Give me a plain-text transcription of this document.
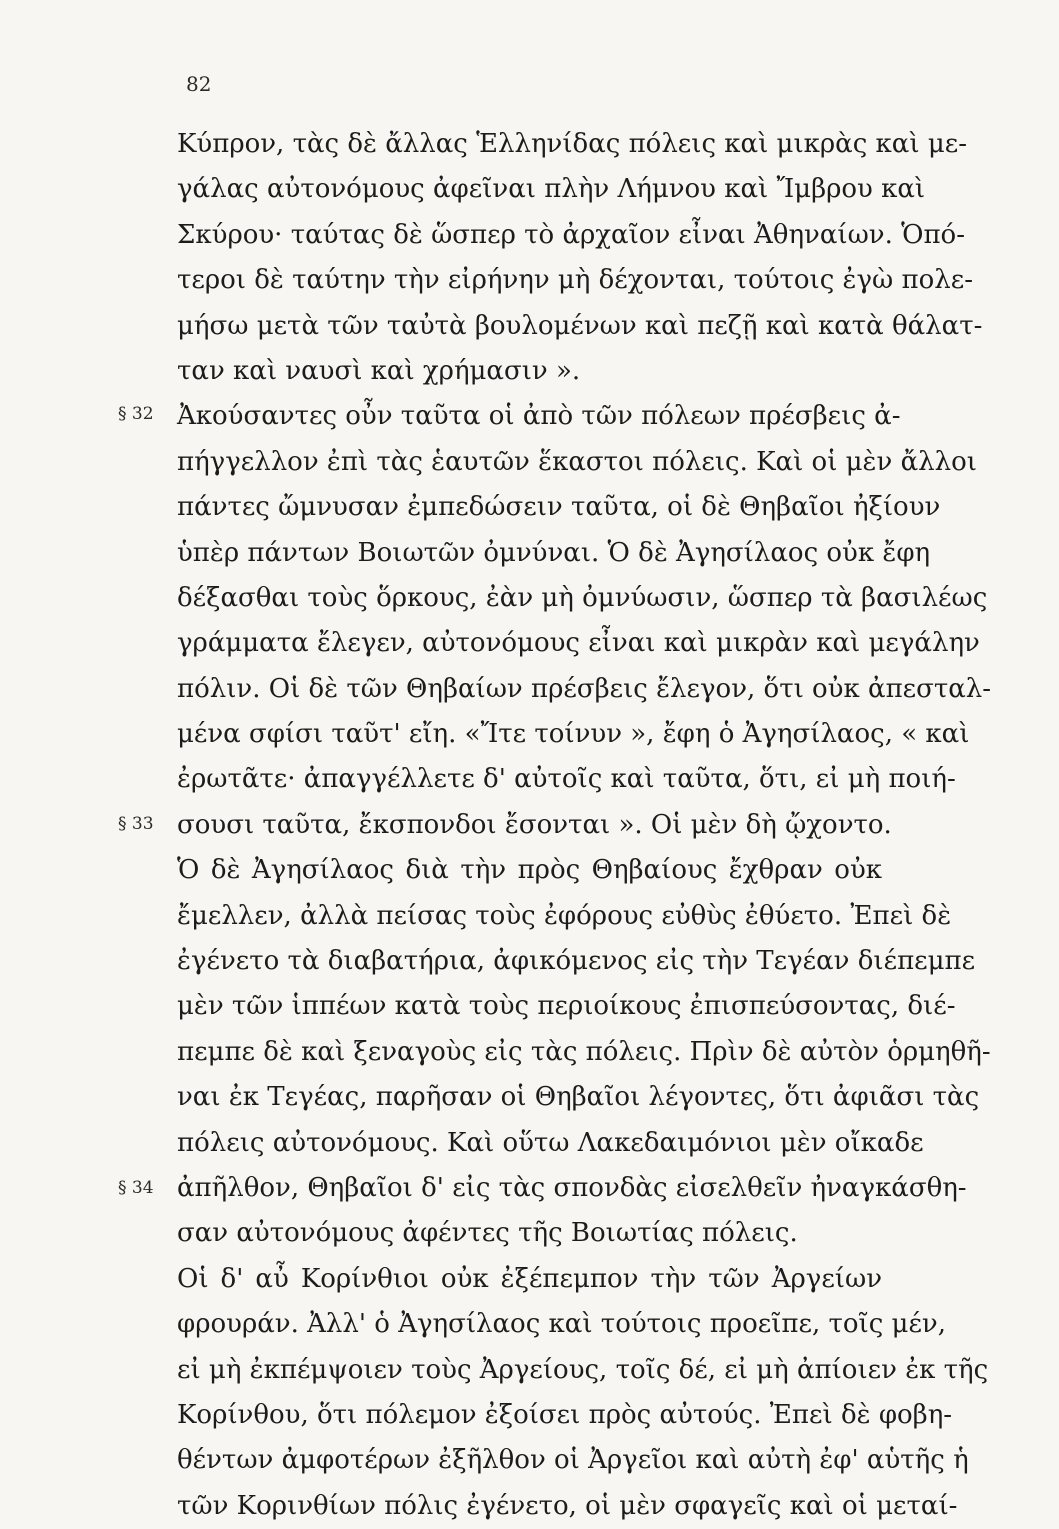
82
§ 32
§ 33
§ 34
Κύπρον, τὰς δὲ ἄλλας Ἑλληνίδας πόλεις καὶ μικρὰς καὶ με-
γάλας αὐτονόμους ἀφεῖναι πλὴν Λήμνου καὶ Ἴμβρου καὶ
Σκύρου· ταύτας δὲ ὥσπερ τὸ ἀρχαῖον εἶναι Ἀθηναίων. Ὁπό-
τεροι δὲ ταύτην τὴν εἰρήνην μὴ δέχονται, τούτοις ἐγὼ πολε-
μήσω μετὰ τῶν ταὐτὰ βουλομένων καὶ πεζῇ καὶ κατὰ θάλατ-
ταν καὶ ναυσὶ καὶ χρήμασιν ».
Ἀκούσαντες οὖν ταῦτα οἱ ἀπὸ τῶν πόλεων πρέσβεις ἀ-
πήγγελλον ἐπὶ τὰς ἑαυτῶν ἕκαστοι πόλεις. Καὶ οἱ μὲν ἄλλοι
πάντες ὤμνυσαν ἐμπεδώσειν ταῦτα, οἱ δὲ Θηβαῖοι ἠξίουν
ὑπὲρ πάντων Βοιωτῶν ὀμνύναι. Ὁ δὲ Ἀγησίλαος οὐκ ἔφη
δέξασθαι τοὺς ὅρκους, ἐὰν μὴ ὀμνύωσιν, ὥσπερ τὰ βασιλέως
γράμματα ἔλεγεν, αὐτονόμους εἶναι καὶ μικρὰν καὶ μεγάλην
πόλιν. Οἱ δὲ τῶν Θηβαίων πρέσβεις ἔλεγον, ὅτι οὐκ ἀπεσταλ-
μένα σφίσι ταῦτ' εἴη. «Ἴτε τοίνυν », ἔφη ὁ Ἀγησίλαος, « καὶ
ἐρωτᾶτε· ἀπαγγέλλετε δ' αὐτοῖς καὶ ταῦτα, ὅτι, εἰ μὴ ποιή-
σουσι ταῦτα, ἔκσπονδοι ἔσονται ». Οἱ μὲν δὴ ᾤχοντο.
Ὁ δὲ Ἀγησίλαος διὰ τὴν πρὸς Θηβαίους ἔχθραν οὐκ
ἔμελλεν, ἀλλὰ πείσας τοὺς ἐφόρους εὐθὺς ἐθύετο. Ἐπεὶ δὲ
ἐγένετο τὰ διαβατήρια, ἀφικόμενος εἰς τὴν Τεγέαν διέπεμπε
μὲν τῶν ἱππέων κατὰ τοὺς περιοίκους ἐπισπεύσοντας, διέ-
πεμπε δὲ καὶ ξεναγοὺς εἰς τὰς πόλεις. Πρὶν δὲ αὐτὸν ὁρμηθῆ-
ναι ἐκ Τεγέας, παρῆσαν οἱ Θηβαῖοι λέγοντες, ὅτι ἀφιᾶσι τὰς
πόλεις αὐτονόμους. Καὶ οὕτω Λακεδαιμόνιοι μὲν οἴκαδε
ἀπῆλθον, Θηβαῖοι δ' εἰς τὰς σπονδὰς εἰσελθεῖν ἠναγκάσθη-
σαν αὐτονόμους ἀφέντες τῆς Βοιωτίας πόλεις.
Οἱ δ' αὖ Κορίνθιοι οὐκ ἐξέπεμπον τὴν τῶν Ἀργείων
φρουράν. Ἀλλ' ὁ Ἀγησίλαος καὶ τούτοις προεῖπε, τοῖς μέν,
εἰ μὴ ἐκπέμψοιεν τοὺς Ἀργείους, τοῖς δέ, εἰ μὴ ἀπίοιεν ἐκ τῆς
Κορίνθου, ὅτι πόλεμον ἐξοίσει πρὸς αὐτούς. Ἐπεὶ δὲ φοβη-
θέντων ἀμφοτέρων ἐξῆλθον οἱ Ἀργεῖοι καὶ αὐτὴ ἐφ' αὑτῆς ἡ
τῶν Κορινθίων πόλις ἐγένετο, οἱ μὲν σφαγεῖς καὶ οἱ μεταί-
